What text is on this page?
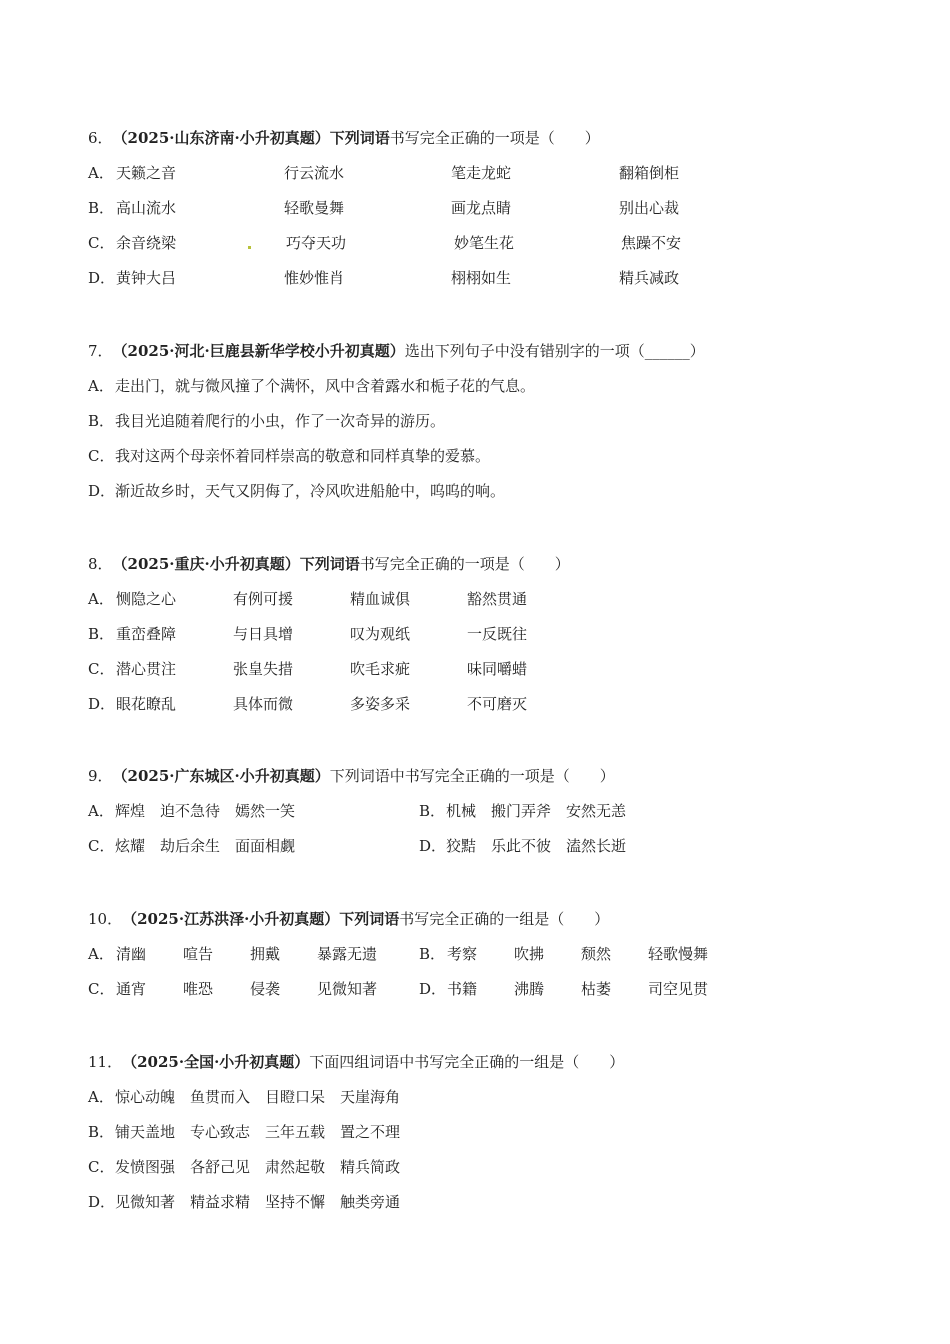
6．（2025·山东济南·小升初真题）下列词语书写完全正确的一项是（　　）
A． 天籁之音	行云流水	笔走龙蛇	翻箱倒柜
B． 高山流水	轻歌曼舞	画龙点睛	别出心裁
C． 余音绕梁	巧夺天功	妙笔生花	焦躁不安
D． 黄钟大吕	惟妙惟肖	栩栩如生	精兵减政
7．（2025·河北·巨鹿县新华学校小升初真题）选出下列句子中没有错别字的一项（______）
A．走出门，就与微风撞了个满怀，风中含着露水和栀子花的气息。
B．我目光追随着爬行的小虫，作了一次奇异的游历。
C．我对这两个母亲怀着同样崇高的敬意和同样真挚的爱慕。
D．渐近故乡时，天气又阴侮了，冷风吹进船舱中，呜呜的响。
8．（2025·重庆·小升初真题）下列词语书写完全正确的一项是（　　）
A． 恻隐之心	有例可援	精血诚俱	豁然贯通
B． 重峦叠障	与日具增	叹为观纸	一反既往
C． 潜心贯注	张皇失措	吹毛求疵	味同嚼蜡
D． 眼花瞭乱	具体而微	多姿多采	不可磨灭
9．（2025·广东城区·小升初真题）下列词语中书写完全正确的一项是（　　）
A．辉煌　迫不急待　嫣然一笑	B．机械　搬门弄斧　安然无恙
C．炫耀　劫后余生　面面相觑	D．狡黠　乐此不彼　溘然长逝
10．（2025·江苏洪泽·小升初真题）下列词语书写完全正确的一组是（　　）
A． 清幽 喧告 拥戴 暴露无遗	B． 考察 吹拂 颓然 轻歌慢舞
C． 通宵 唯恐 侵袭 见微知著	D． 书籍 沸腾 枯萎 司空见贯
11．（2025·全国·小升初真题）下面四组词语中书写完全正确的一组是（　　）
A．惊心动魄　鱼贯而入　目瞪口呆　天崖海角
B．铺天盖地　专心致志　三年五载　置之不理
C．发愤图强　各舒己见　肃然起敬　精兵简政
D．见微知著　精益求精　坚持不懈　触类旁通
